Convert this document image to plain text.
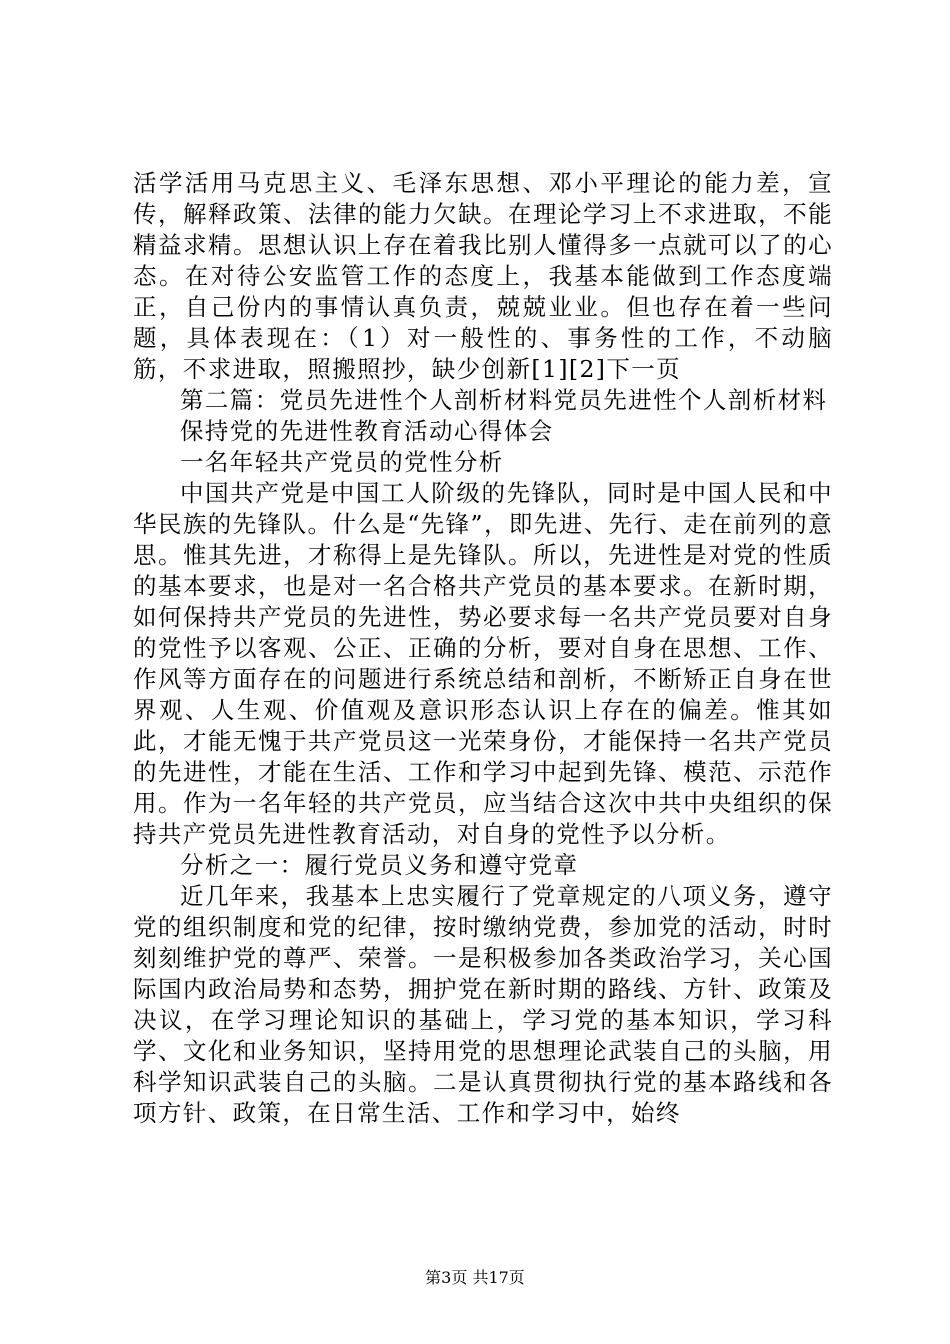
活学活用马克思主义、毛泽东思想、邓小平理论的能力差，宣传，解释政策、法律的能力欠缺。在理论学习上不求进取，不能精益求精。思想认识上存在着我比别人懂得多一点就可以了的心态。在对待公安监管工作的态度上，我基本能做到工作态度端正，自己份内的事情认真负责，兢兢业业。但也存在着一些问题，具体表现在：（1）对一般性的、事务性的工作，不动脑筋，不求进取，照搬照抄，缺少创新[1][2]下一页

第二篇：党员先进性个人剖析材料党员先进性个人剖析材料

保持党的先进性教育活动心得体会

一名年轻共产党员的党性分析

中国共产党是中国工人阶级的先锋队，同时是中国人民和中华民族的先锋队。什么是“先锋”，即先进、先行、走在前列的意思。惟其先进，才称得上是先锋队。所以，先进性是对党的性质的基本要求，也是对一名合格共产党员的基本要求。在新时期，如何保持共产党员的先进性，势必要求每一名共产党员要对自身的党性予以客观、公正、正确的分析，要对自身在思想、工作、作风等方面存在的问题进行系统总结和剖析，不断矫正自身在世界观、人生观、价值观及意识形态认识上存在的偏差。惟其如此，才能无愧于共产党员这一光荣身份，才能保持一名共产党员的先进性，才能在生活、工作和学习中起到先锋、模范、示范作用。作为一名年轻的共产党员，应当结合这次中共中央组织的保持共产党员先进性教育活动，对自身的党性予以分析。

分析之一：履行党员义务和遵守党章

近几年来，我基本上忠实履行了党章规定的八项义务，遵守党的组织制度和党的纪律，按时缴纳党费，参加党的活动，时时刻刻维护党的尊严、荣誉。一是积极参加各类政治学习，关心国际国内政治局势和态势，拥护党在新时期的路线、方针、政策及决议，在学习理论知识的基础上，学习党的基本知识，学习科学、文化和业务知识，坚持用党的思想理论武装自己的头脑，用科学知识武装自己的头脑。二是认真贯彻执行党的基本路线和各项方针、政策，在日常生活、工作和学习中，始终

第3页 共17页
